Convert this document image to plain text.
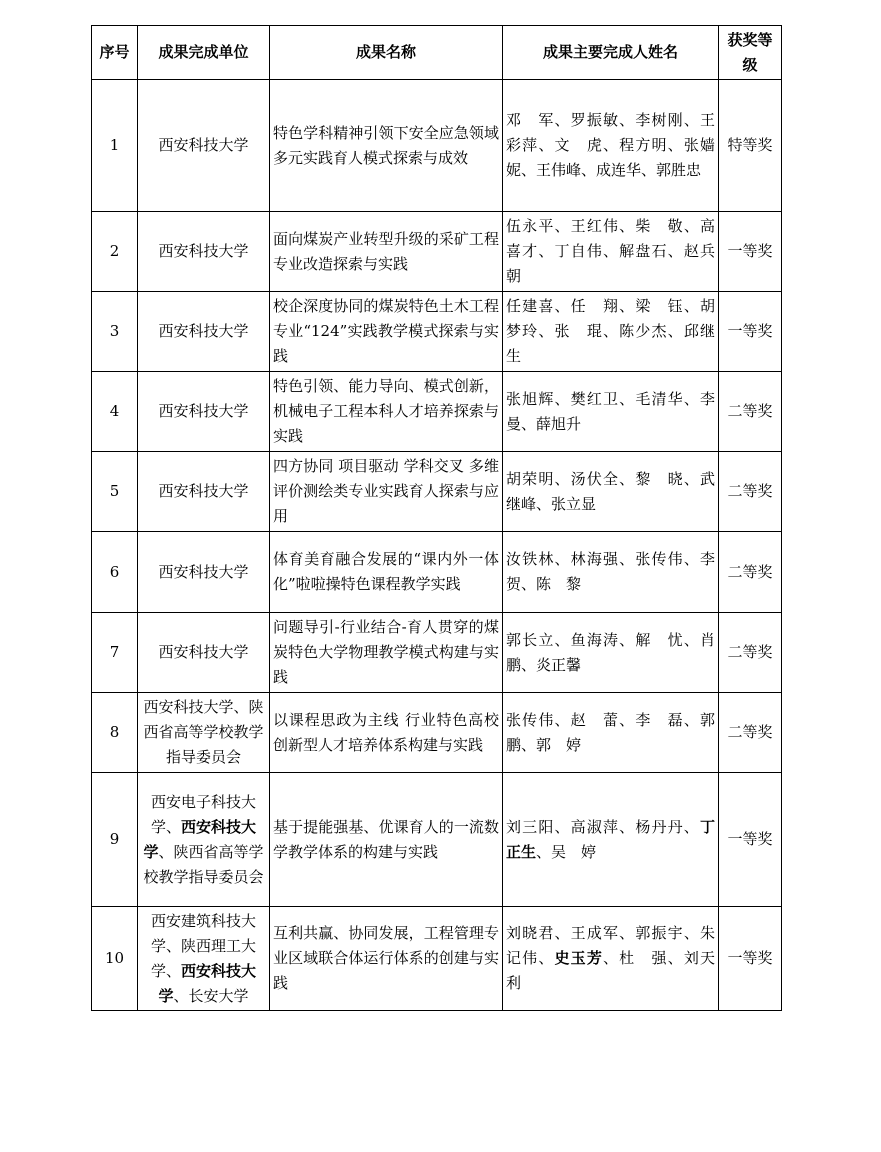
序号	成果完成单位	成果名称	成果主要完成人姓名	获奖等级
1	西安科技大学	特色学科精神引领下安全应急领域多元实践育人模式探索与成效	邓　军、罗振敏、李树刚、王彩萍、文　虎、程方明、张嫱妮、王伟峰、成连华、郭胜忠	特等奖
2	西安科技大学	面向煤炭产业转型升级的采矿工程专业改造探索与实践	伍永平、王红伟、柴　敬、高喜才、丁自伟、解盘石、赵兵朝	一等奖
3	西安科技大学	校企深度协同的煤炭特色土木工程专业“124”实践教学模式探索与实践	任建喜、任　翔、梁　钰、胡梦玲、张　琨、陈少杰、邱继生	一等奖
4	西安科技大学	特色引领、能力导向、模式创新，机械电子工程本科人才培养探索与实践	张旭辉、樊红卫、毛清华、李　曼、薛旭升	二等奖
5	西安科技大学	四方协同 项目驱动 学科交叉 多维评价测绘类专业实践育人探索与应用	胡荣明、汤伏全、黎　晓、武继峰、张立显	二等奖
6	西安科技大学	体育美育融合发展的“课内外一体化”啦啦操特色课程教学实践	汝铁林、林海强、张传伟、李　贺、陈　黎	二等奖
7	西安科技大学	问题导引-行业结合-育人贯穿的煤炭特色大学物理教学模式构建与实践	郭长立、鱼海涛、解　忧、肖　鹏、炎正馨	二等奖
8	西安科技大学、陕西省高等学校教学指导委员会	以课程思政为主线 行业特色高校创新型人才培养体系构建与实践	张传伟、赵　蕾、李　磊、郭　鹏、郭　婷	二等奖
9	西安电子科技大学、西安科技大学、陕西省高等学校教学指导委员会	基于提能强基、优课育人的一流数学教学体系的构建与实践	刘三阳、高淑萍、杨丹丹、丁正生、吴　婷	一等奖
10	西安建筑科技大学、陕西理工大学、西安科技大学、长安大学	互利共赢、协同发展，工程管理专业区域联合体运行体系的创建与实践	刘晓君、王成军、郭振宇、朱记伟、史玉芳、杜　强、刘天利	一等奖
